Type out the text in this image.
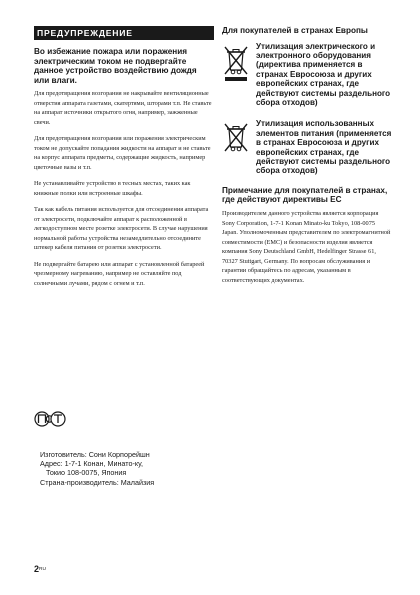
ПРЕДУПРЕЖДЕНИЕ

Во избежание пожара или поражения электрическим током не подвергайте данное устройство воздействию дождя или влаги.

Для предотвращения возгорания не накрывайте вентиляционные отверстия аппарата газетами, скатертями, шторами т.п. Не ставьте на аппарат источники открытого огня, например, зажженные свечи.

Для предотвращения возгорания или поражения электрическим током не допускайте попадания жидкости на аппарат и не ставьте на корпус аппарата предметы, содержащие жидкость, например цветочные вазы и т.п.

Не устанавливайте устройство в тесных местах, таких как книжные полки или встроенные шкафы.

Так как кабель питания используется для отсоединения аппарата от электросети, подключайте аппарат к расположенной в легкодоступном месте розетке электросети. В случае нарушения нормальной работы устройства незамедлительно отсоедините штекер кабеля питания от розетки электросети.

Не подвергайте батарею или аппарат с установленной батареей чрезмерному нагреванию, например не оставляйте под солнечными лучами, рядом с огнем и т.п.

Изготовитель: Сони Корпорейшн
Адрес: 1-7-1 Конан, Минато-ку,
Токио 108-0075, Япония
Страна-производитель: Малайзия

Для покупателей в странах Европы

Утилизация электрического и электронного оборудования (директива применяется в странах Евросоюза и других европейских странах, где действуют системы раздельного сбора отходов)

Утилизация использованных элементов питания (применяется в странах Евросоюза и других европейских странах, где действуют системы раздельного сбора отходов)

Примечание для покупателей в странах, где действуют директивы ЕС

Производителем данного устройства является корпорация Sony Corporation, 1-7-1 Konan Minato-ku Tokyo, 108-0075 Japan. Уполномоченным представителем по электромагнитной совместимости (EMC) и безопасности изделия является компания Sony Deutschland GmbH, Hedelfinger Strasse 61, 70327 Stuttgart, Germany. По вопросам обслуживания и гарантии обращайтесь по адресам, указанным в соответствующих документах.

$2^{RU}$
